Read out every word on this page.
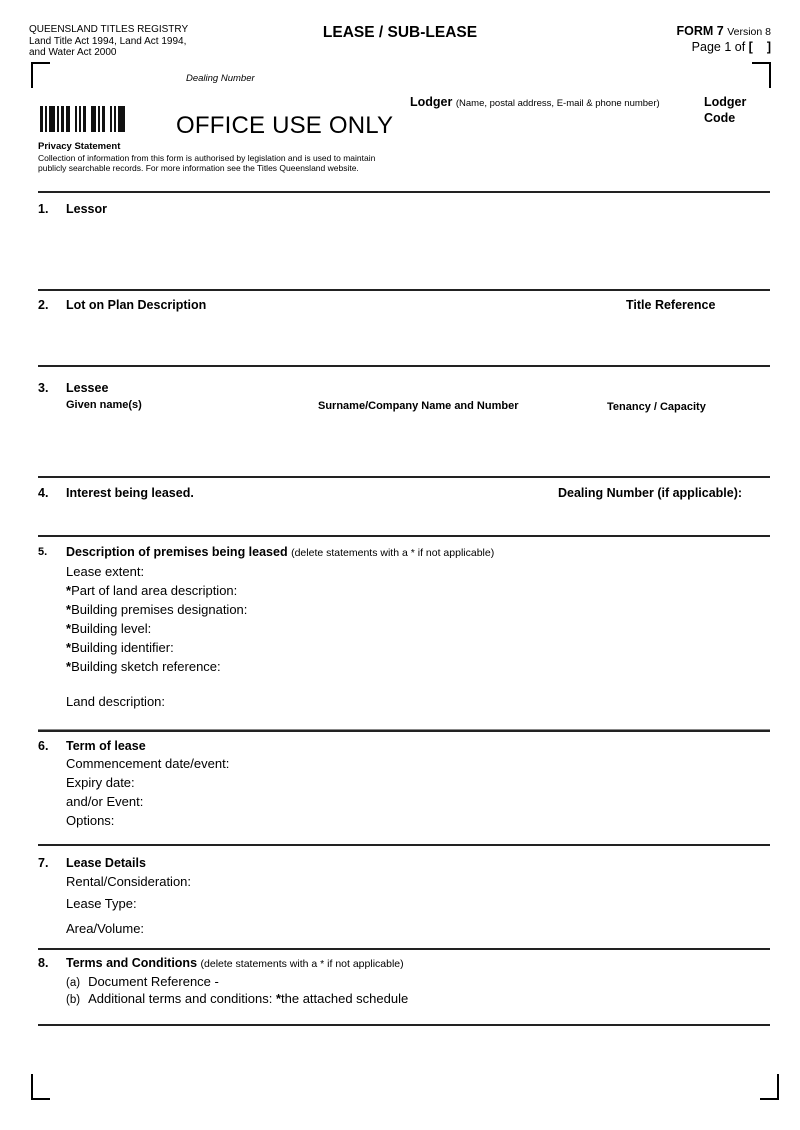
QUEENSLAND TITLES REGISTRY
Land Title Act 1994, Land Act 1994,
and Water Act 2000
LEASE / SUB-LEASE	FORM 7 Version 8
Page 1 of [ ]
Dealing Number
OFFICE USE ONLY
Lodger (Name, postal address, E-mail & phone number)	Lodger
Code
Privacy Statement
Collection of information from this form is authorised by legislation and is used to maintain publicly searchable records. For more information see the Titles Queensland website.
1. Lessor
2. Lot on Plan Description	Title Reference
3. Lessee
Given name(s)	Surname/Company Name and Number	Tenancy / Capacity
4. Interest being leased.	Dealing Number (if applicable):
5. Description of premises being leased (delete statements with a * if not applicable)
Lease extent:
*Part of land area description:
*Building premises designation:
*Building level:
*Building identifier:
*Building sketch reference:
Land description:
6. Term of lease
Commencement date/event:
Expiry date:
and/or Event:
Options:
7. Lease Details
Rental/Consideration:
Lease Type:
Area/Volume:
8. Terms and Conditions (delete statements with a * if not applicable)
(a) Document Reference -
(b) Additional terms and conditions: *the attached schedule
